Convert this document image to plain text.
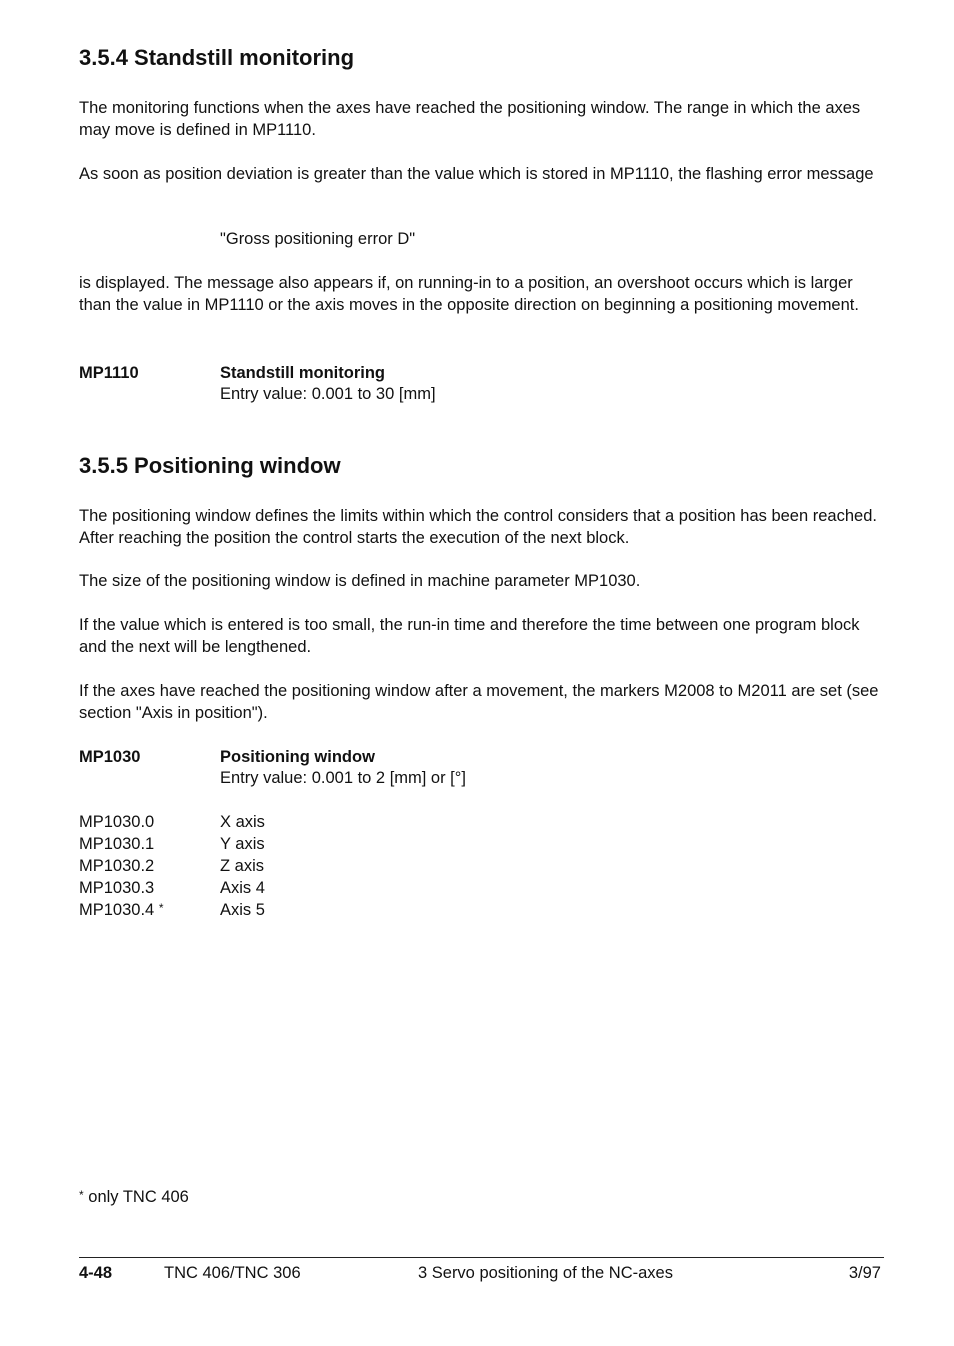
3.5.4 Standstill monitoring

The monitoring functions when the axes have reached the positioning window. The range in which the axes may move is defined in MP1110.

As soon as position deviation is greater than the value which is stored in MP1110, the flashing error message

"Gross positioning error D"

is displayed. The message also appears if, on running-in to a position, an overshoot occurs which is larger than the value in MP1110 or the axis moves in the opposite direction on beginning a positioning movement.

MP1110	Standstill monitoring
Entry value: 0.001 to 30 [mm]
3.5.5 Positioning window

The positioning window defines the limits within which the control considers that a position has been reached. After reaching the position the control starts the execution of the next block.

The size of the positioning window is defined in machine parameter MP1030.

If the value which is entered is too small, the run-in time and therefore the time between one program block and the next will be lengthened.

If the axes have reached the positioning window after a movement, the markers M2008 to M2011 are set (see section "Axis in position").

MP1030	Positioning window
Entry value: 0.001 to 2 [mm] or [°]
MP1030.0	X axis
MP1030.1	Y axis
MP1030.2	Z axis
MP1030.3	Axis 4
MP1030.4 *	Axis 5
* only TNC 406
4-48	TNC 406/TNC 306	3 Servo positioning of the NC-axes	3/97
